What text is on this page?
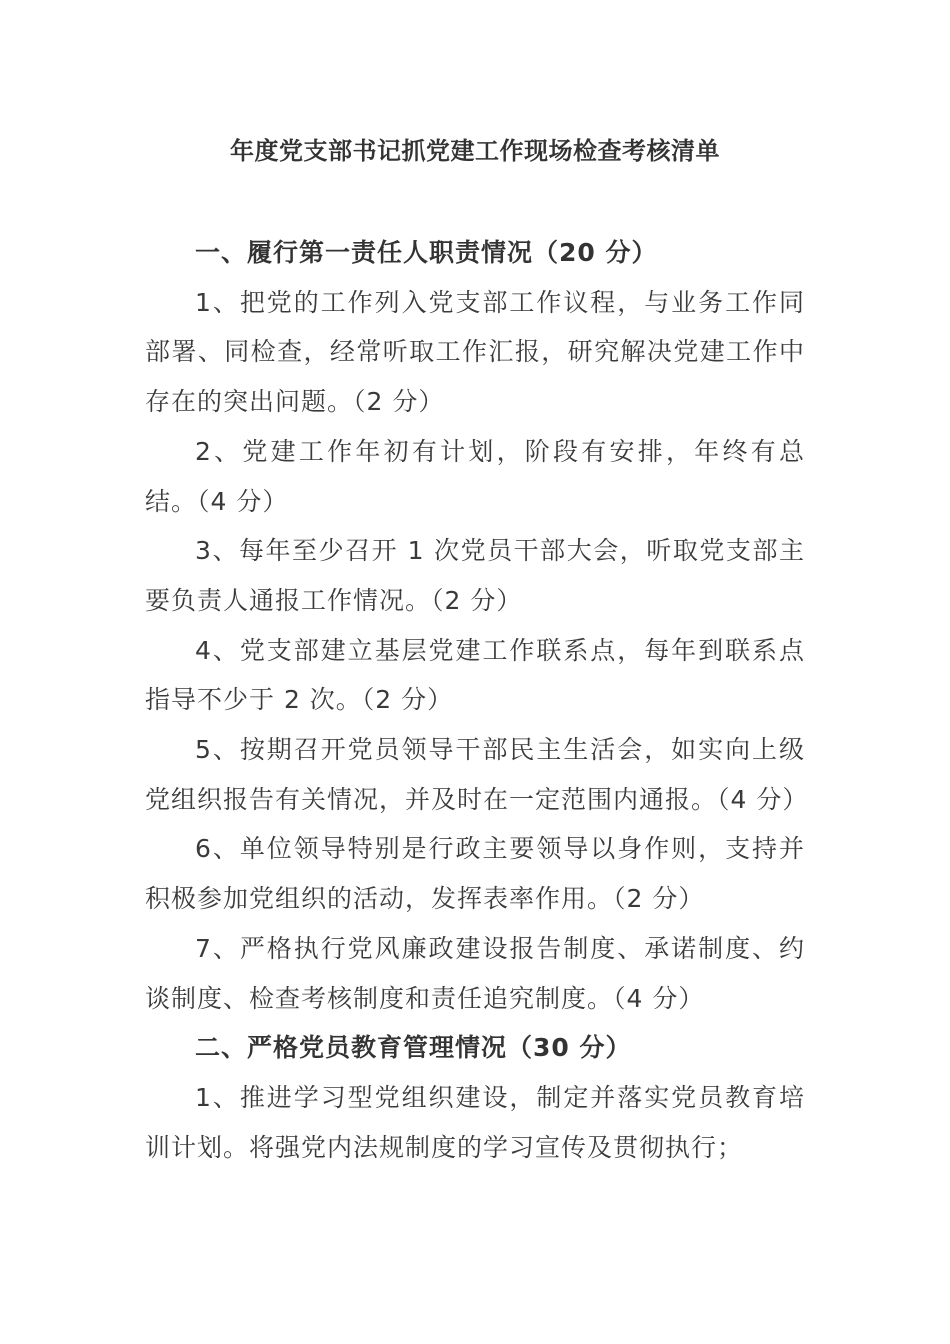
年度党支部书记抓党建工作现场检查考核清单

一、履行第一责任人职责情况（20 分）

1、把党的工作列入党支部工作议程，与业务工作同部署、同检查，经常听取工作汇报，研究解决党建工作中存在的突出问题。（2 分）

2、党建工作年初有计划，阶段有安排，年终有总结。（4 分）

3、每年至少召开 1 次党员干部大会，听取党支部主要负责人通报工作情况。（2 分）

4、党支部建立基层党建工作联系点，每年到联系点指导不少于 2 次。（2 分）

5、按期召开党员领导干部民主生活会，如实向上级党组织报告有关情况，并及时在一定范围内通报。（4 分）

6、单位领导特别是行政主要领导以身作则，支持并积极参加党组织的活动，发挥表率作用。（2 分）

7、严格执行党风廉政建设报告制度、承诺制度、约谈制度、检查考核制度和责任追究制度。（4 分）

二、严格党员教育管理情况（30 分）

1、推进学习型党组织建设，制定并落实党员教育培训计划。将强党内法规制度的学习宣传及贯彻执行；
